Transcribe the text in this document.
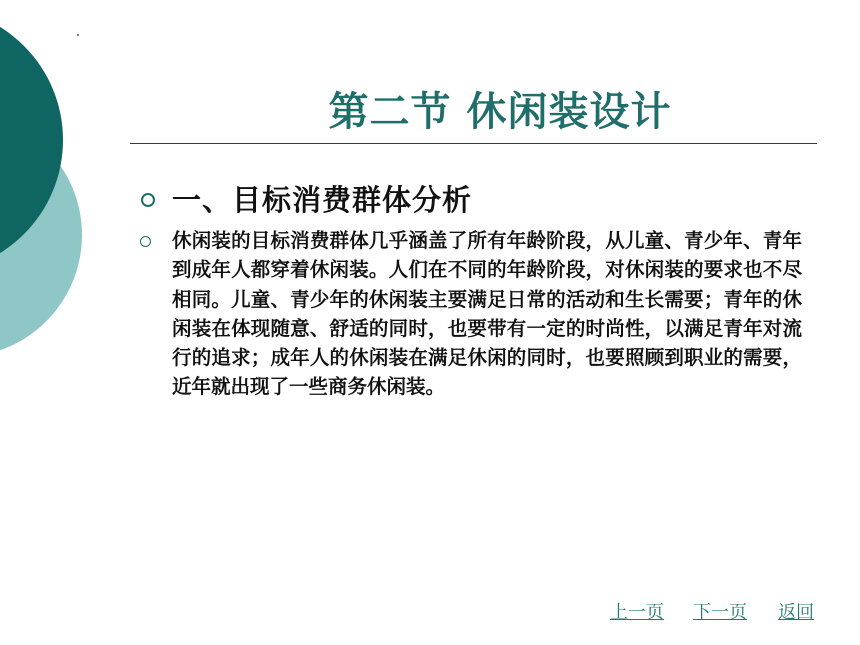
第二节 休闲装设计
一、目标消费群体分析
休闲装的目标消费群体几乎涵盖了所有年龄阶段，从儿童、青少年、青年到成年人都穿着休闲装。人们在不同的年龄阶段，对休闲装的要求也不尽相同。儿童、青少年的休闲装主要满足日常的活动和生长需要；青年的休闲装在体现随意、舒适的同时，也要带有一定的时尚性，以满足青年对流行的追求；成年人的休闲装在满足休闲的同时，也要照顾到职业的需要，近年就出现了一些商务休闲装。
上一页 下一页 返回
